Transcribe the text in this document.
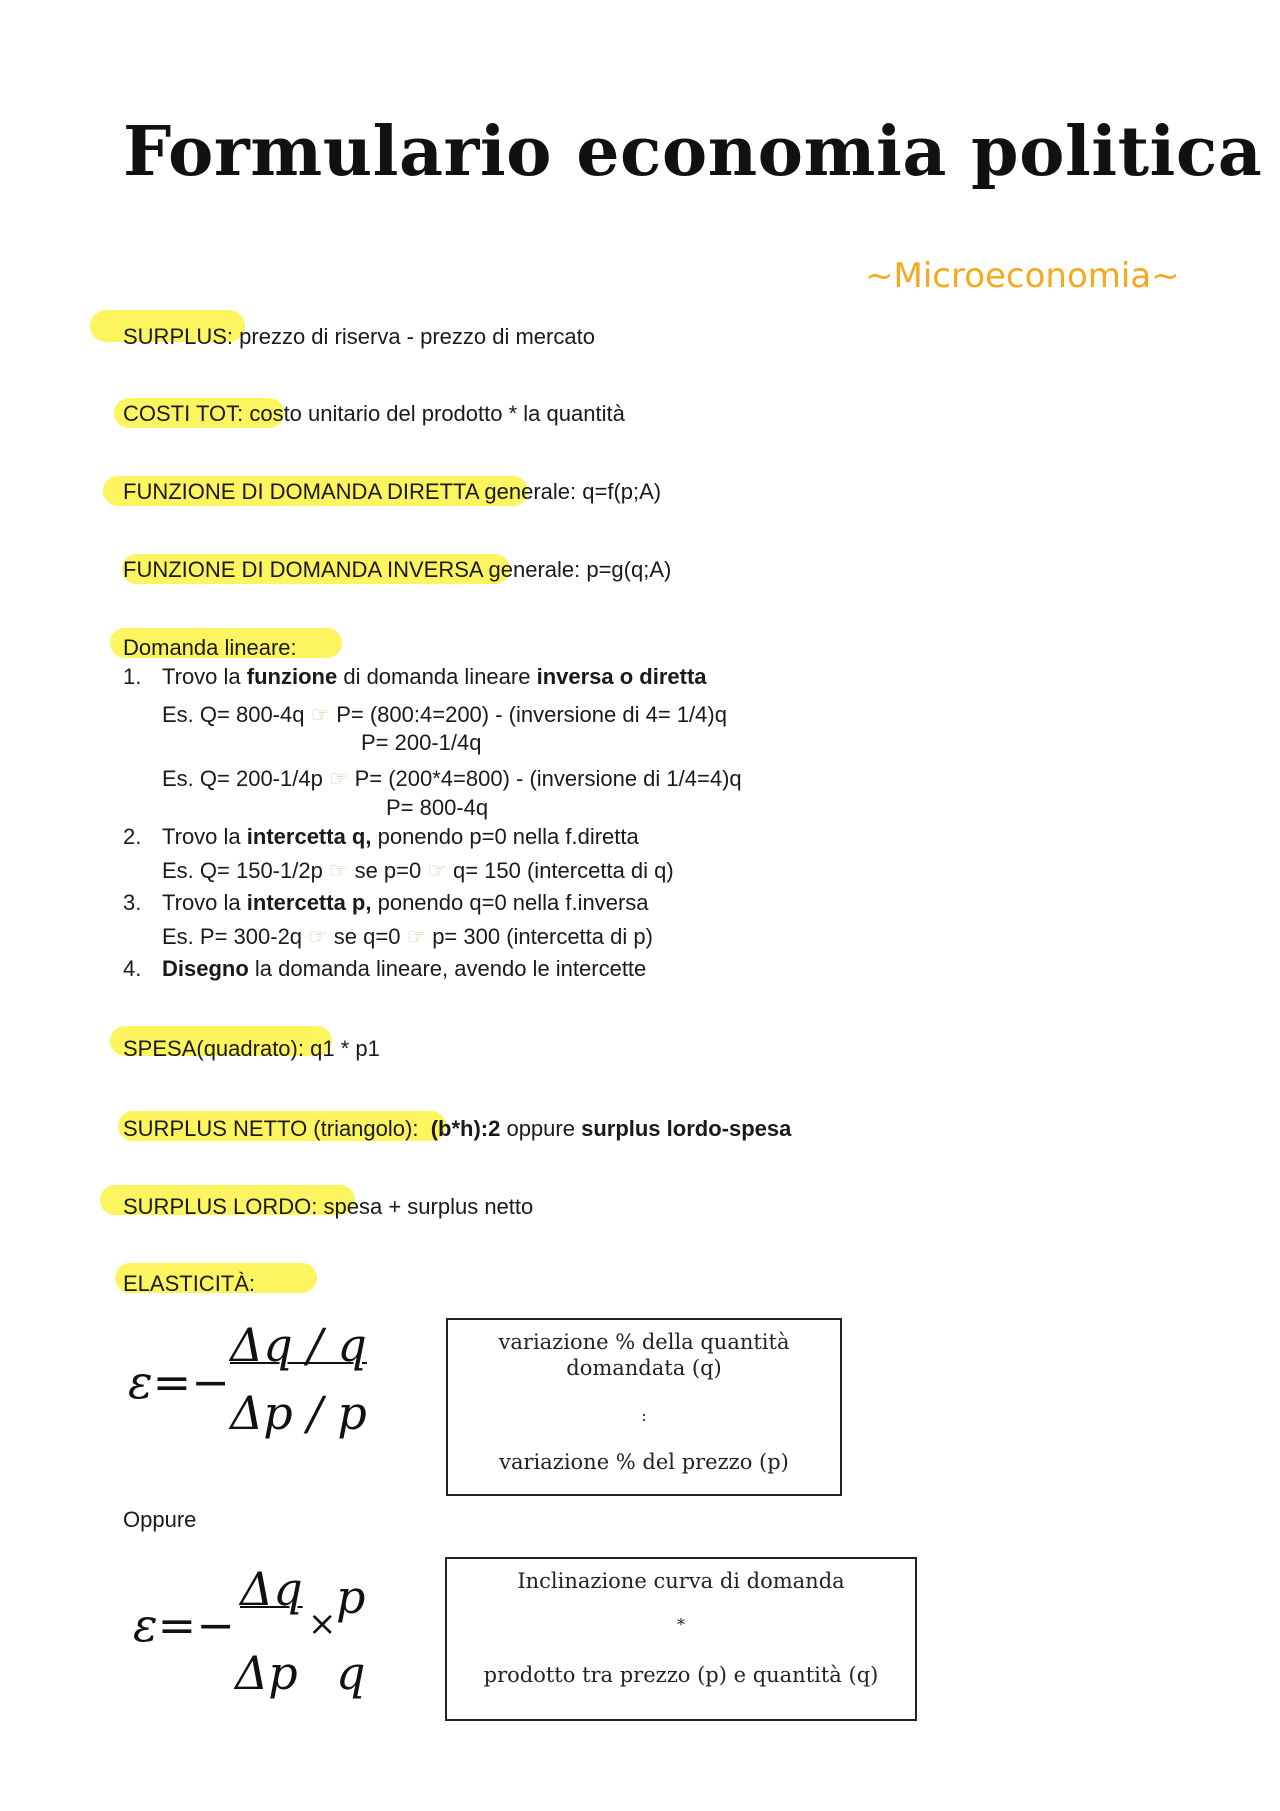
Formulario economia politica
~Microeconomia~
SURPLUS: prezzo di riserva - prezzo di mercato
COSTI TOT: costo unitario del prodotto * la quantità
FUNZIONE DI DOMANDA DIRETTA generale: q=f(p;A)
FUNZIONE DI DOMANDA INVERSA generale: p=g(q;A)
Domanda lineare:
1. Trovo la funzione di domanda lineare inversa o diretta
Es. Q= 800-4q ☞ P= (800:4=200) - (inversione di 4= 1/4)q
P= 200-1/4q
Es. Q= 200-1/4p ☞ P= (200*4=800) - (inversione di 1/4=4)q
P= 800-4q
2. Trovo la intercetta q, ponendo p=0 nella f.diretta
Es. Q= 150-1/2p ☞ se p=0 ☞ q= 150 (intercetta di q)
3. Trovo la intercetta p, ponendo q=0 nella f.inversa
Es. P= 300-2q ☞ se q=0 ☞ p= 300 (intercetta di p)
4. Disegno la domanda lineare, avendo le intercette
SPESA(quadrato): q1 * p1
SURPLUS NETTO (triangolo): (b*h):2 oppure surplus lordo-spesa
SURPLUS LORDO: spesa + surplus netto
ELASTICITÀ:
ε=−
Δq / q
Δp / p
variazione % della quantità
domandata (q)
:
variazione % del prezzo (p)
Oppure
ε=−
Δq
Δp
× p
q
Inclinazione curva di domanda
*
prodotto tra prezzo (p) e quantità (q)
